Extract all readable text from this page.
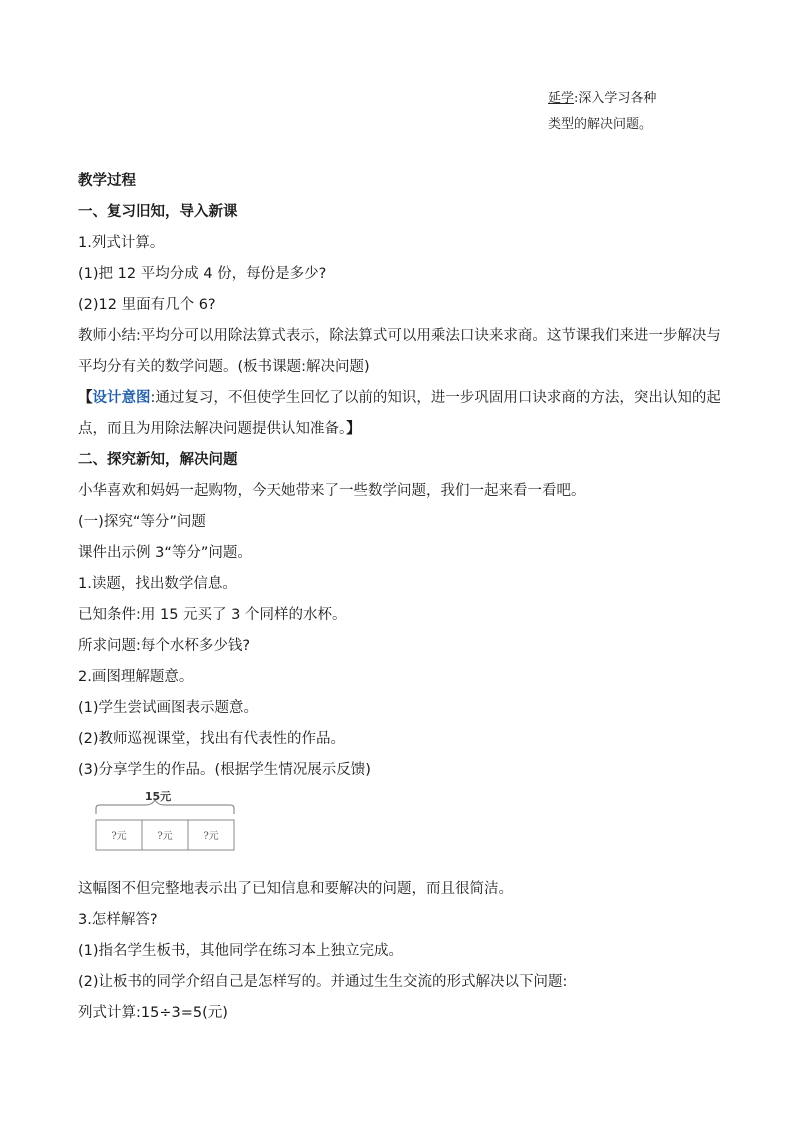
延学:深入学习各种
类型的解决问题。
教学过程
一、复习旧知，导入新课
1.列式计算。
(1)把 12 平均分成 4 份，每份是多少?
(2)12 里面有几个 6?
教师小结:平均分可以用除法算式表示，除法算式可以用乘法口诀来求商。这节课我们来进一步解决与平均分有关的数学问题。(板书课题:解决问题)
【设计意图:通过复习，不但使学生回忆了以前的知识，进一步巩固用口诀求商的方法，突出认知的起点，而且为用除法解决问题提供认知准备。】
二、探究新知，解决问题
小华喜欢和妈妈一起购物，今天她带来了一些数学问题，我们一起来看一看吧。
(一)探究“等分”问题
课件出示例 3“等分”问题。
1.读题，找出数学信息。
已知条件:用 15 元买了 3 个同样的水杯。
所求问题:每个水杯多少钱?
2.画图理解题意。
(1)学生尝试画图表示题意。
(2)教师巡视课堂，找出有代表性的作品。
(3)分享学生的作品。(根据学生情况展示反馈)
15元
?元	?元	?元
这幅图不但完整地表示出了已知信息和要解决的问题，而且很简洁。
3.怎样解答?
(1)指名学生板书，其他同学在练习本上独立完成。
(2)让板书的同学介绍自己是怎样写的。并通过生生交流的形式解决以下问题:
列式计算:15÷3=5(元)
